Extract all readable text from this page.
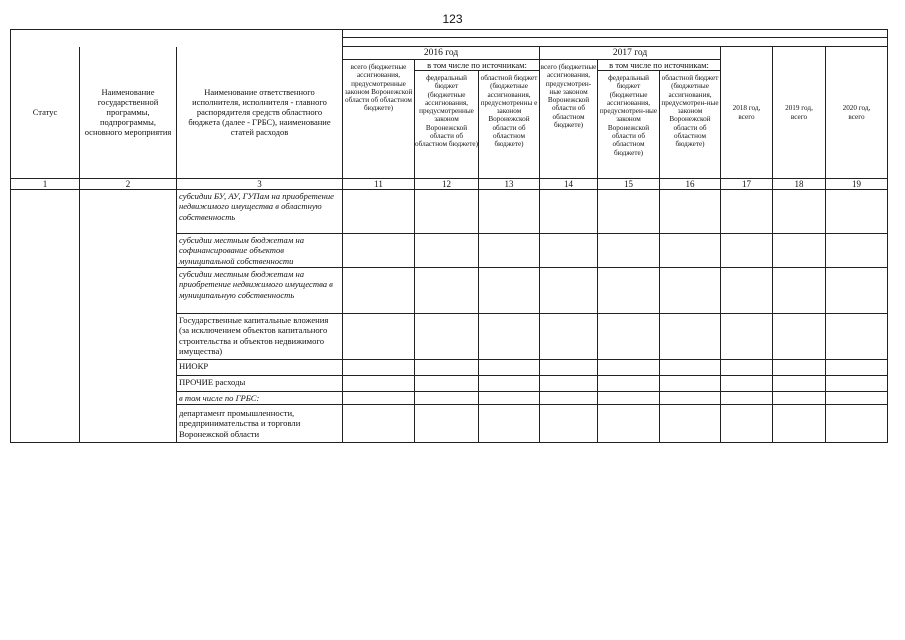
123

Статус	Наименование государственной программы, подпрограммы, основного мероприятия	Наименование ответственного исполнителя, исполнителя - главного распорядителя средств областного бюджета (далее - ГРБС), наименование статей расходов	2016 год			2017 год			2018 год, всего	2019 год, всего	2020 год, всего
			всего (бюджетные ассигнования, предусмотренные законом Воронежской области об областном бюджете)	в том числе по источникам:		всего (бюджетные ассигнования, предусмотрен-ные законом Воронежской области об областном бюджете)	в том числе по источникам:				
				федеральный бюджет (бюджетные ассигнования, предусмотренные законом Воронежской области об областном бюджете)	областной бюджет (бюджетные ассигнования, предусмотренны е законом Воронежской области об областном бюджете)		федеральный бюджет (бюджетные ассигнования, предусмотрен-ные законом Воронежской области об областном бюджете)	областной бюджет (бюджетные ассигнования, предусмотрен-ные законом Воронежской области об областном бюджете)			
1	2	3	11	12	13	14	15	16	17	18	19
		субсидии БУ, АУ, ГУПам на приобретение недвижимого имущества в областную собственность									
		субсидии местным бюджетам на софинансирование объектов муниципальной собственности									
		субсидии местным бюджетам на приобретение недвижимого имущества в муниципальную собственность									
		Государственные капитальные вложения (за исключением объектов капитального строительства и объектов недвижимого имущества)									
		НИОКР									
		ПРОЧИЕ расходы									
		в том числе по ГРБС:									
		департамент промышленности, предпринимательства и торговли Воронежской области									
